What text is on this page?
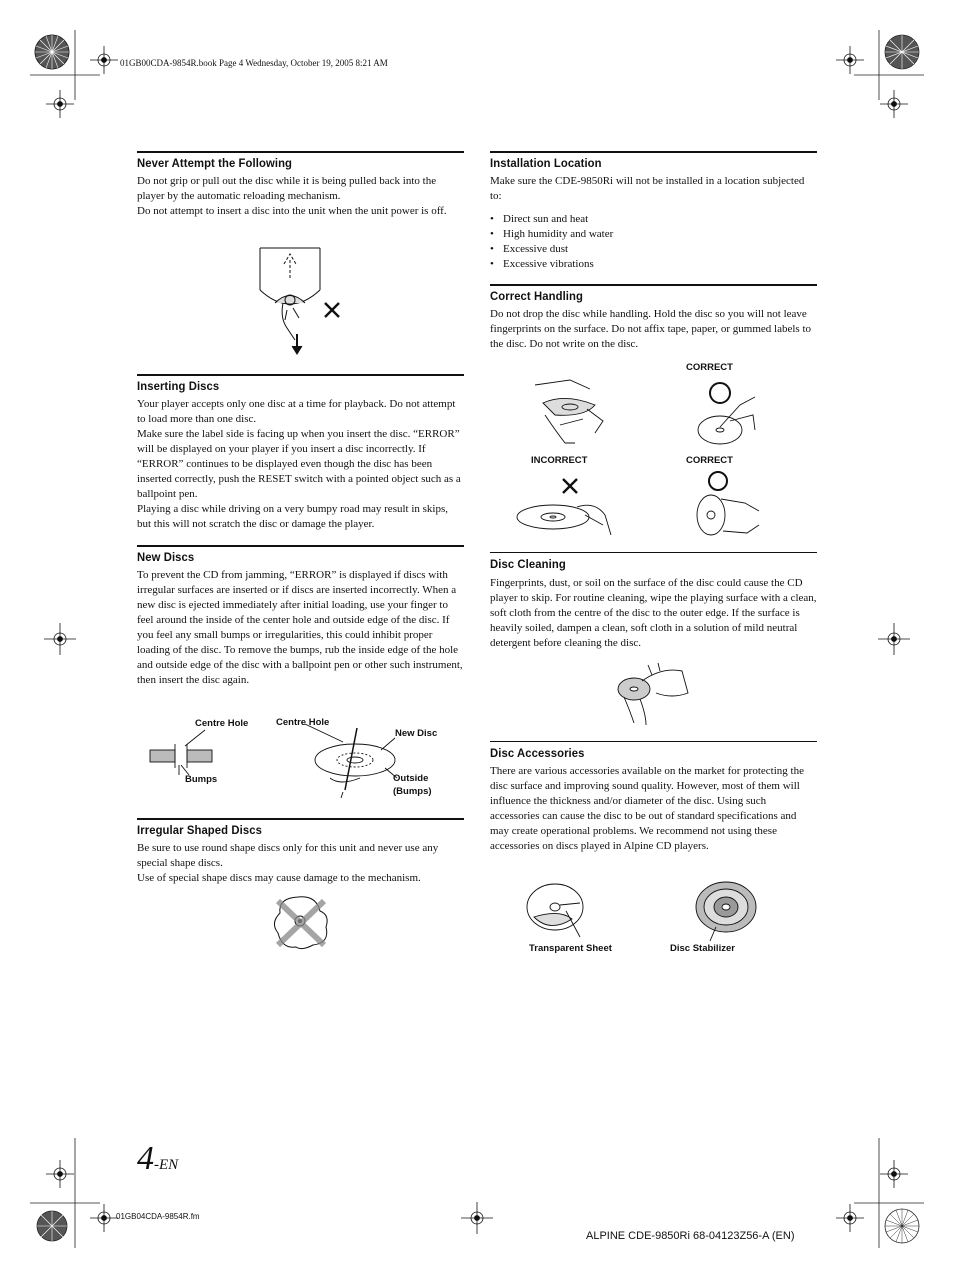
01GB00CDA-9854R.book Page 4 Wednesday, October 19, 2005 8:21 AM
Never Attempt the Following

Do not grip or pull out the disc while it is being pulled back into the player by the automatic reloading mechanism.

Do not attempt to insert a disc into the unit when the unit power is off.

Inserting Discs

Your player accepts only one disc at a time for playback. Do not attempt to load more than one disc.

Make sure the label side is facing up when you insert the disc. “ERROR” will be displayed on your player if you insert a disc incorrectly. If “ERROR” continues to be displayed even though the disc has been inserted correctly, push the RESET switch with a pointed object such as a ballpoint pen.

Playing a disc while driving on a very bumpy road may result in skips, but this will not scratch the disc or damage the player.

New Discs

To prevent the CD from jamming, “ERROR” is displayed if discs with irregular surfaces are inserted or if discs are inserted incorrectly. When a new disc is ejected immediately after initial loading, use your finger to feel around the inside of the center hole and outside edge of the disc. If you feel any small bumps or irregularities, this could inhibit proper loading of the disc. To remove the bumps, rub the inside edge of the hole and outside edge of the disc with a ballpoint pen or other such instrument, then insert the disc again.

Centre Hole	Centre Hole
New Disc
Bumps	Outside
(Bumps)
Irregular Shaped Discs

Be sure to use round shape discs only for this unit and never use any special shape discs.

Use of special shape discs may cause damage to the mechanism.

Installation Location

Make sure the CDE-9850Ri will not be installed in a location subjected to:

• Direct sun and heat
• High humidity and water
• Excessive dust
• Excessive vibrations
Correct Handling

Do not drop the disc while handling. Hold the disc so you will not leave fingerprints on the surface. Do not affix tape, paper, or gummed labels to the disc. Do not write on the disc.

CORRECT
INCORRECT	CORRECT
Disc Cleaning

Fingerprints, dust, or soil on the surface of the disc could cause the CD player to skip. For routine cleaning, wipe the playing surface with a clean, soft cloth from the centre of the disc to the outer edge. If the surface is heavily soiled, dampen a clean, soft cloth in a solution of mild neutral detergent before cleaning the disc.

Disc Accessories

There are various accessories available on the market for protecting the disc surface and improving sound quality. However, most of them will influence the thickness and/or diameter of the disc. Using such accessories can cause the disc to be out of standard specifications and may create operational problems. We recommend not using these accessories on discs played in Alpine CD players.

Transparent Sheet	Disc Stabilizer
4-EN
01GB04CDA-9854R.fm
ALPINE CDE-9850Ri 68-04123Z56-A (EN)
